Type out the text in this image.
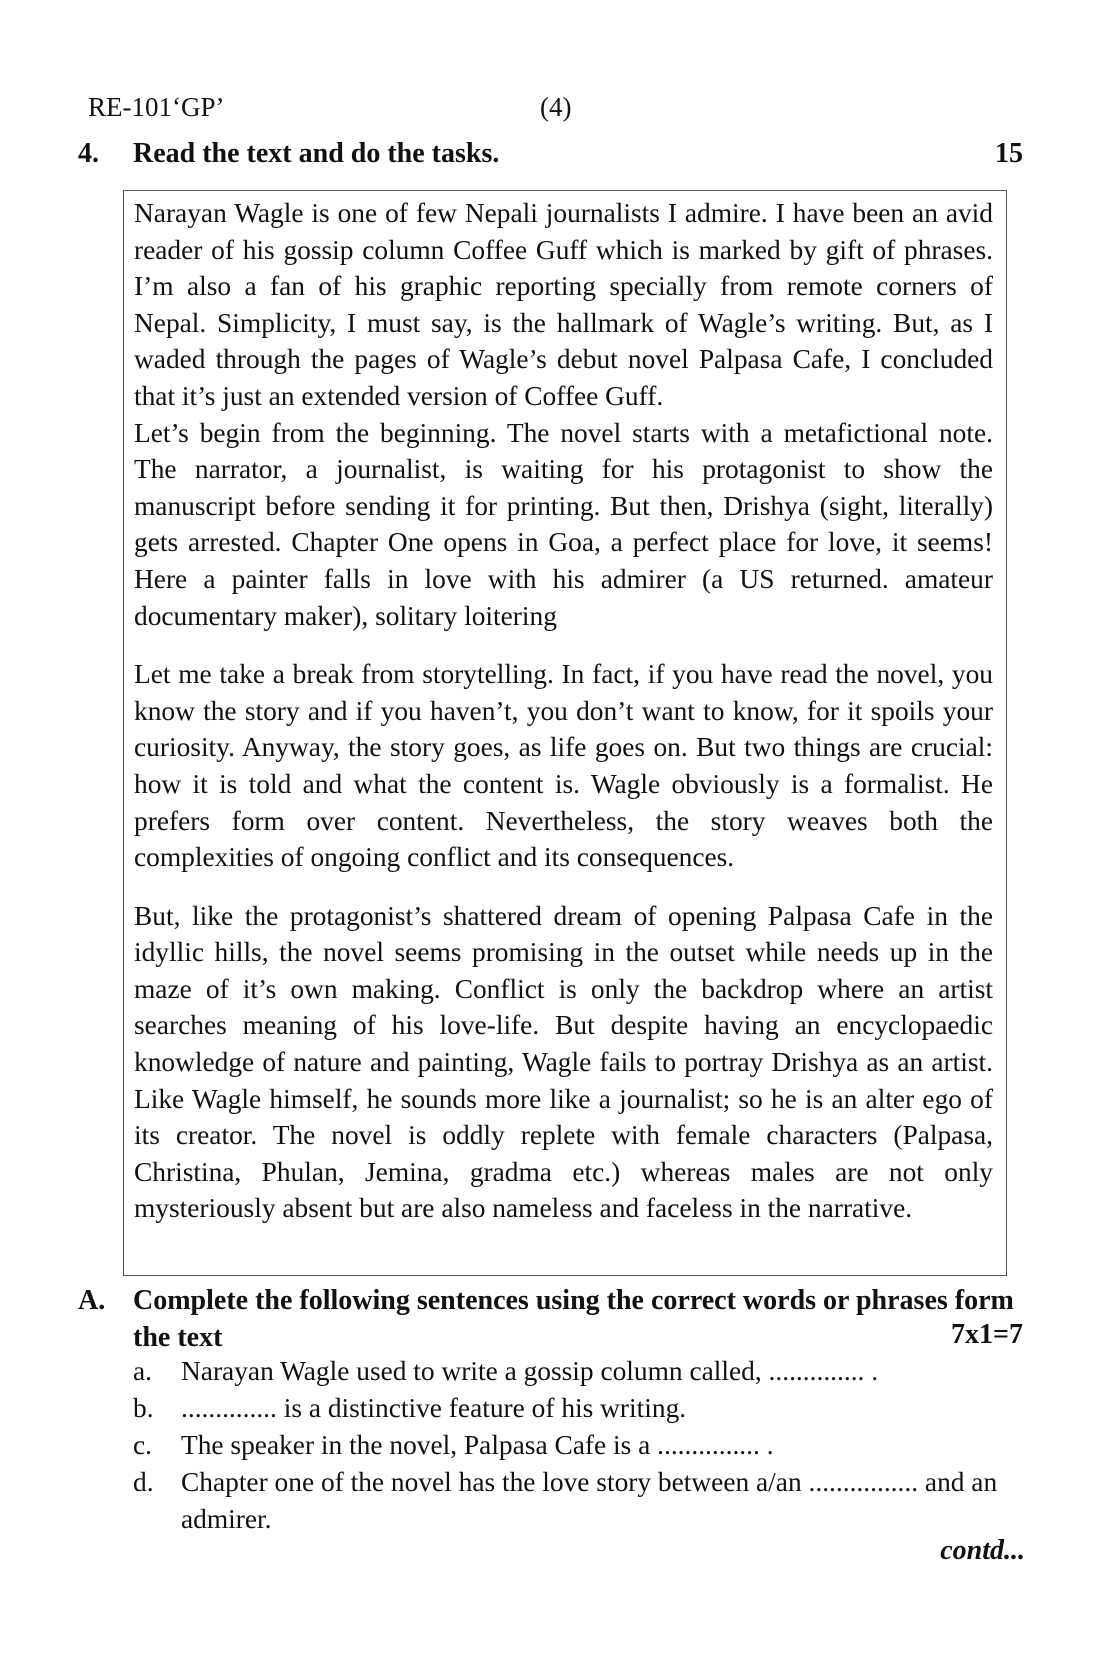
RE-101‘GP’	(4)
4. Read the text and do the tasks.	15

Narayan Wagle is one of few Nepali journalists I admire. I have been an avid reader of his gossip column Coffee Guff which is marked by gift of phrases. I’m also a fan of his graphic reporting specially from remote corners of Nepal. Simplicity, I must say, is the hallmark of Wagle’s writing. But, as I waded through the pages of Wagle’s debut novel Palpasa Cafe, I concluded that it’s just an extended version of Coffee Guff.
Let’s begin from the beginning. The novel starts with a metafictional note. The narrator, a journalist, is waiting for his protagonist to show the manuscript before sending it for printing. But then, Drishya (sight, literally) gets arrested. Chapter One opens in Goa, a perfect place for love, it seems! Here a painter falls in love with his admirer (a US returned. amateur documentary maker), solitary loitering

Let me take a break from storytelling. In fact, if you have read the novel, you know the story and if you haven’t, you don’t want to know, for it spoils your curiosity. Anyway, the story goes, as life goes on. But two things are crucial: how it is told and what the content is. Wagle obviously is a formalist. He prefers form over content. Nevertheless, the story weaves both the complexities of ongoing conflict and its consequences.

But, like the protagonist’s shattered dream of opening Palpasa Cafe in the idyllic hills, the novel seems promising in the outset while needs up in the maze of it’s own making. Conflict is only the backdrop where an artist searches meaning of his love-life. But despite having an encyclopaedic knowledge of nature and painting, Wagle fails to portray Drishya as an artist. Like Wagle himself, he sounds more like a journalist; so he is an alter ego of its creator. The novel is oddly replete with female characters (Palpasa, Christina, Phulan, Jemina, gradma etc.) whereas males are not only mysteriously absent but are also nameless and faceless in the narrative.

A. Complete the following sentences using the correct words or phrases form the text	7x1=7
a. Narayan Wagle used to write a gossip column called, .............. .
b. .............. is a distinctive feature of his writing.
c. The speaker in the novel, Palpasa Cafe is a ............... .
d. Chapter one of the novel has the love story between a/an ................ and an admirer.
contd...
